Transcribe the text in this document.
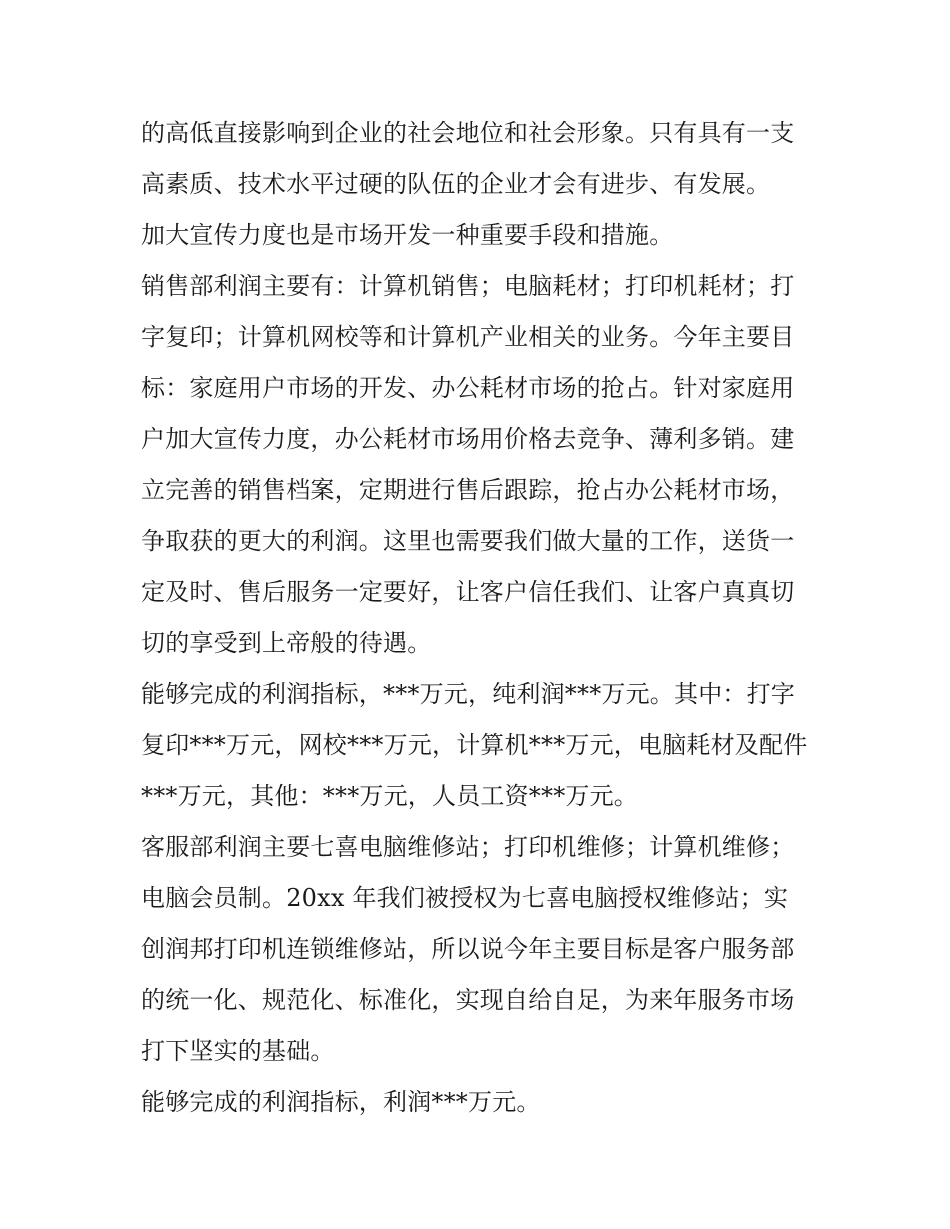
的高低直接影响到企业的社会地位和社会形象。只有具有一支
高素质、技术水平过硬的队伍的企业才会有进步、有发展。
加大宣传力度也是市场开发一种重要手段和措施。
销售部利润主要有：计算机销售；电脑耗材；打印机耗材；打
字复印；计算机网校等和计算机产业相关的业务。今年主要目
标：家庭用户市场的开发、办公耗材市场的抢占。针对家庭用
户加大宣传力度，办公耗材市场用价格去竞争、薄利多销。建
立完善的销售档案，定期进行售后跟踪，抢占办公耗材市场，
争取获的更大的利润。这里也需要我们做大量的工作，送货一
定及时、售后服务一定要好，让客户信任我们、让客户真真切
切的享受到上帝般的待遇。
能够完成的利润指标，***万元，纯利润***万元。其中：打字
复印***万元，网校***万元，计算机***万元，电脑耗材及配件
***万元，其他：***万元，人员工资***万元。
客服部利润主要七喜电脑维修站；打印机维修；计算机维修；
电脑会员制。20xx 年我们被授权为七喜电脑授权维修站；实
创润邦打印机连锁维修站，所以说今年主要目标是客户服务部
的统一化、规范化、标准化，实现自给自足，为来年服务市场
打下坚实的基础。
能够完成的利润指标，利润***万元。
